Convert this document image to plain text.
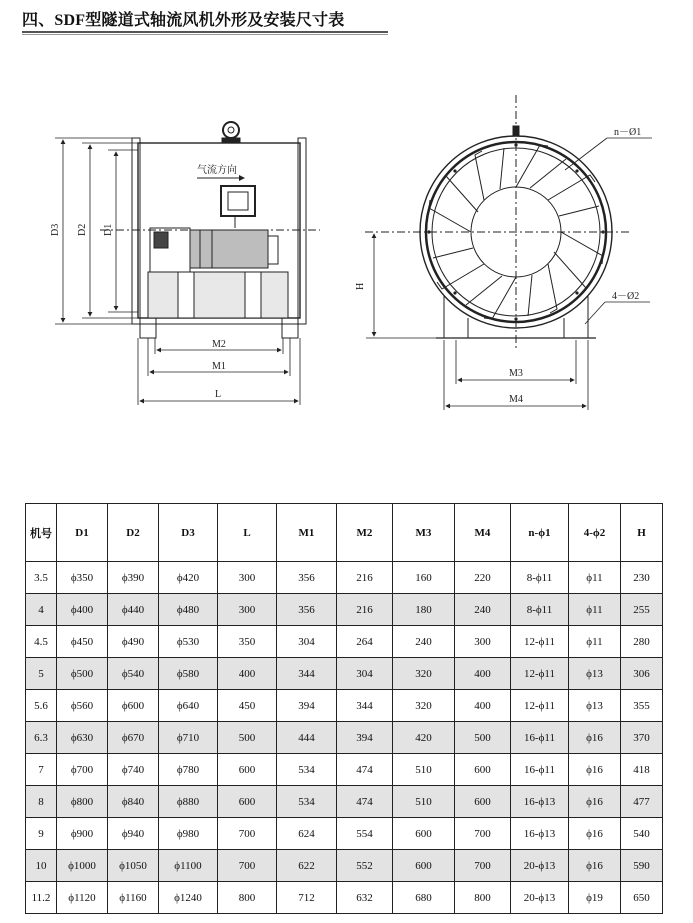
四、SDF型隧道式轴流风机外形及安装尺寸表
气流方向
D3 D2 D1
M2
M1
L
H
M3
M4
n－Ø1
4－Ø2
机号	D1	D2	D3	L	M1	M2	M3	M4	n-ϕ1	4-ϕ2	H
3.5	ϕ350	ϕ390	ϕ420	300	356	216	160	220	8-ϕ11	ϕ11	230
4	ϕ400	ϕ440	ϕ480	300	356	216	180	240	8-ϕ11	ϕ11	255
4.5	ϕ450	ϕ490	ϕ530	350	304	264	240	300	12-ϕ11	ϕ11	280
5	ϕ500	ϕ540	ϕ580	400	344	304	320	400	12-ϕ11	ϕ13	306
5.6	ϕ560	ϕ600	ϕ640	450	394	344	320	400	12-ϕ11	ϕ13	355
6.3	ϕ630	ϕ670	ϕ710	500	444	394	420	500	16-ϕ11	ϕ16	370
7	ϕ700	ϕ740	ϕ780	600	534	474	510	600	16-ϕ11	ϕ16	418
8	ϕ800	ϕ840	ϕ880	600	534	474	510	600	16-ϕ13	ϕ16	477
9	ϕ900	ϕ940	ϕ980	700	624	554	600	700	16-ϕ13	ϕ16	540
10	ϕ1000	ϕ1050	ϕ1100	700	622	552	600	700	20-ϕ13	ϕ16	590
11.2	ϕ1120	ϕ1160	ϕ1240	800	712	632	680	800	20-ϕ13	ϕ19	650
